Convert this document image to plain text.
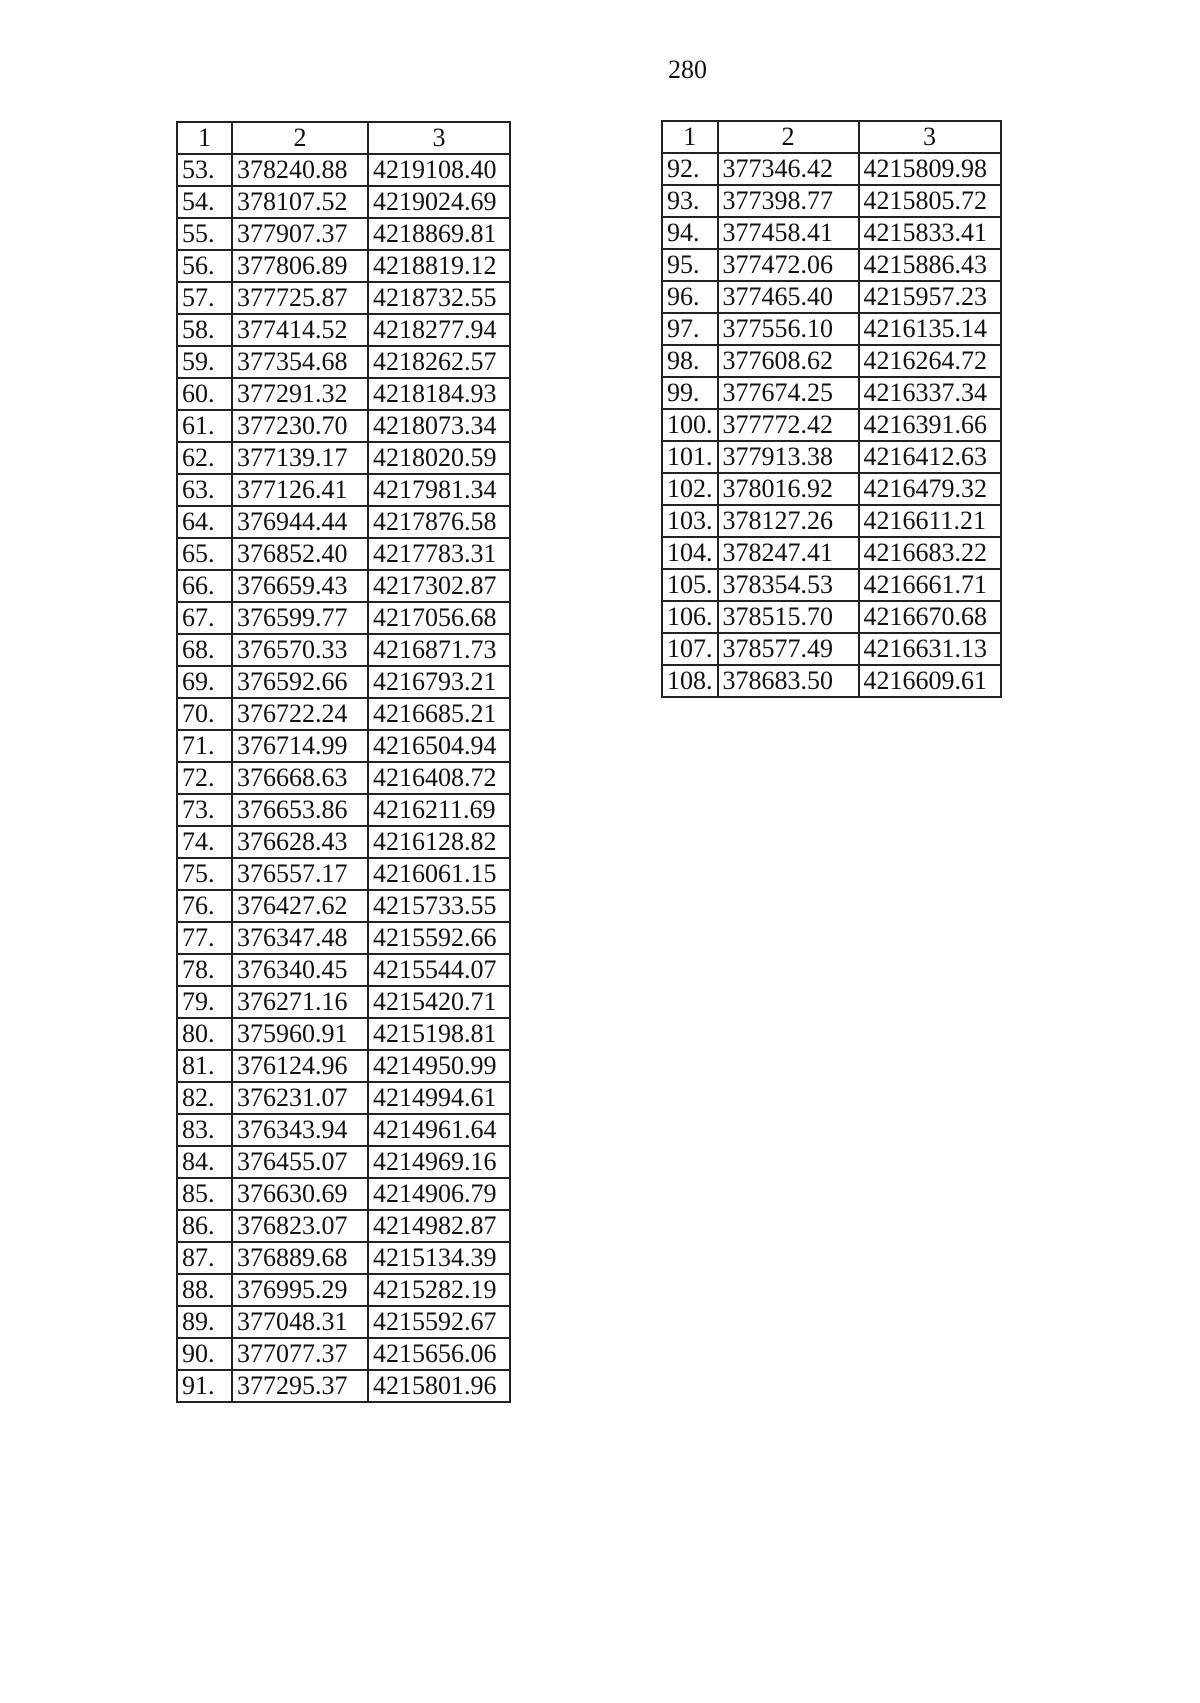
280
1	2	3
53.	378240.88	4219108.40
54.	378107.52	4219024.69
55.	377907.37	4218869.81
56.	377806.89	4218819.12
57.	377725.87	4218732.55
58.	377414.52	4218277.94
59.	377354.68	4218262.57
60.	377291.32	4218184.93
61.	377230.70	4218073.34
62.	377139.17	4218020.59
63.	377126.41	4217981.34
64.	376944.44	4217876.58
65.	376852.40	4217783.31
66.	376659.43	4217302.87
67.	376599.77	4217056.68
68.	376570.33	4216871.73
69.	376592.66	4216793.21
70.	376722.24	4216685.21
71.	376714.99	4216504.94
72.	376668.63	4216408.72
73.	376653.86	4216211.69
74.	376628.43	4216128.82
75.	376557.17	4216061.15
76.	376427.62	4215733.55
77.	376347.48	4215592.66
78.	376340.45	4215544.07
79.	376271.16	4215420.71
80.	375960.91	4215198.81
81.	376124.96	4214950.99
82.	376231.07	4214994.61
83.	376343.94	4214961.64
84.	376455.07	4214969.16
85.	376630.69	4214906.79
86.	376823.07	4214982.87
87.	376889.68	4215134.39
88.	376995.29	4215282.19
89.	377048.31	4215592.67
90.	377077.37	4215656.06
91.	377295.37	4215801.96
1	2	3
92.	377346.42	4215809.98
93.	377398.77	4215805.72
94.	377458.41	4215833.41
95.	377472.06	4215886.43
96.	377465.40	4215957.23
97.	377556.10	4216135.14
98.	377608.62	4216264.72
99.	377674.25	4216337.34
100.	377772.42	4216391.66
101.	377913.38	4216412.63
102.	378016.92	4216479.32
103.	378127.26	4216611.21
104.	378247.41	4216683.22
105.	378354.53	4216661.71
106.	378515.70	4216670.68
107.	378577.49	4216631.13
108.	378683.50	4216609.61
